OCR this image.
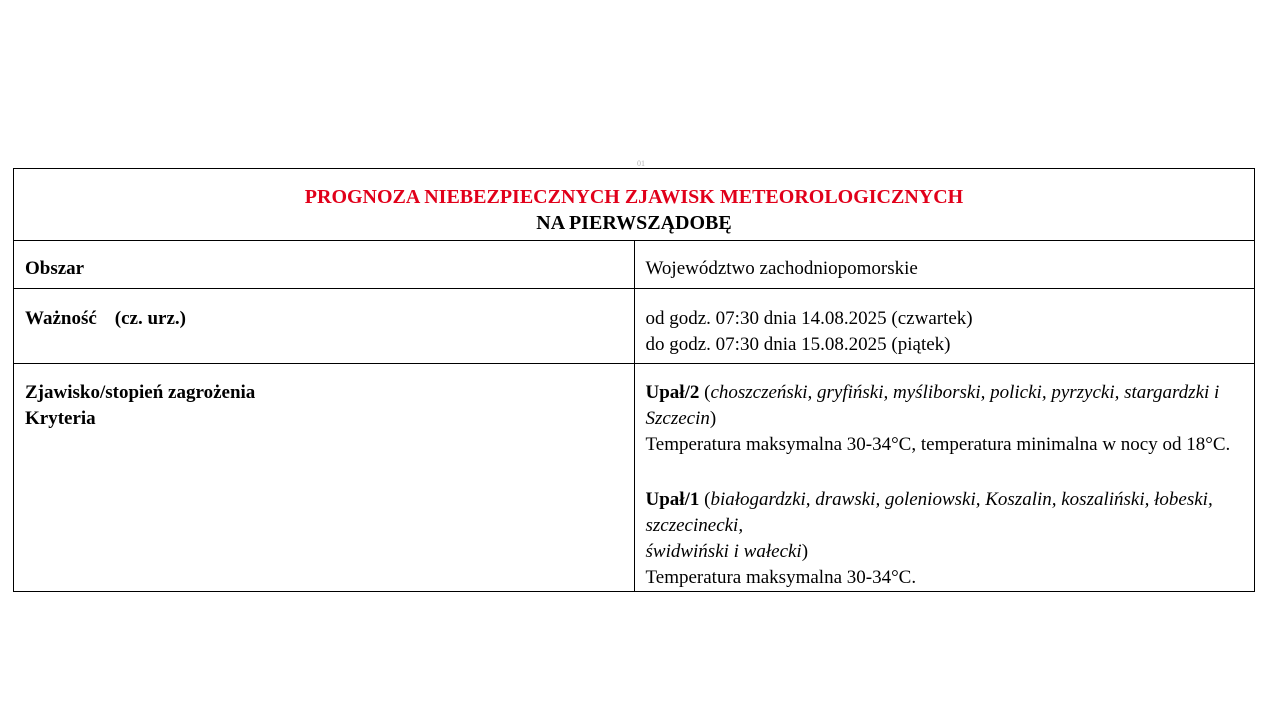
01
PROGNOZA NIEBEZPIECZNYCH ZJAWISK METEOROLOGICZNYCH
NA PIERWSZĄDOBĘ	

Obszar	Województwo zachodniopomorskie
Ważność (cz. urz.)	od godz. 07:30 dnia 14.08.2025 (czwartek)
do godz. 07:30 dnia 15.08.2025 (piątek)

Zjawisko/stopień zagrożenia
Kryteria	Upał/2 (choszczeński, gryfiński, myśliborski, policki, pyrzycki, stargardzki i Szczecin)
Temperatura maksymalna 30-34°C, temperatura minimalna w nocy od 18°C.
Upał/1 (białogardzki, drawski, goleniowski, Koszalin, koszaliński, łobeski, szczecinecki,
świdwiński i wałecki)
Temperatura maksymalna 30-34°C.
